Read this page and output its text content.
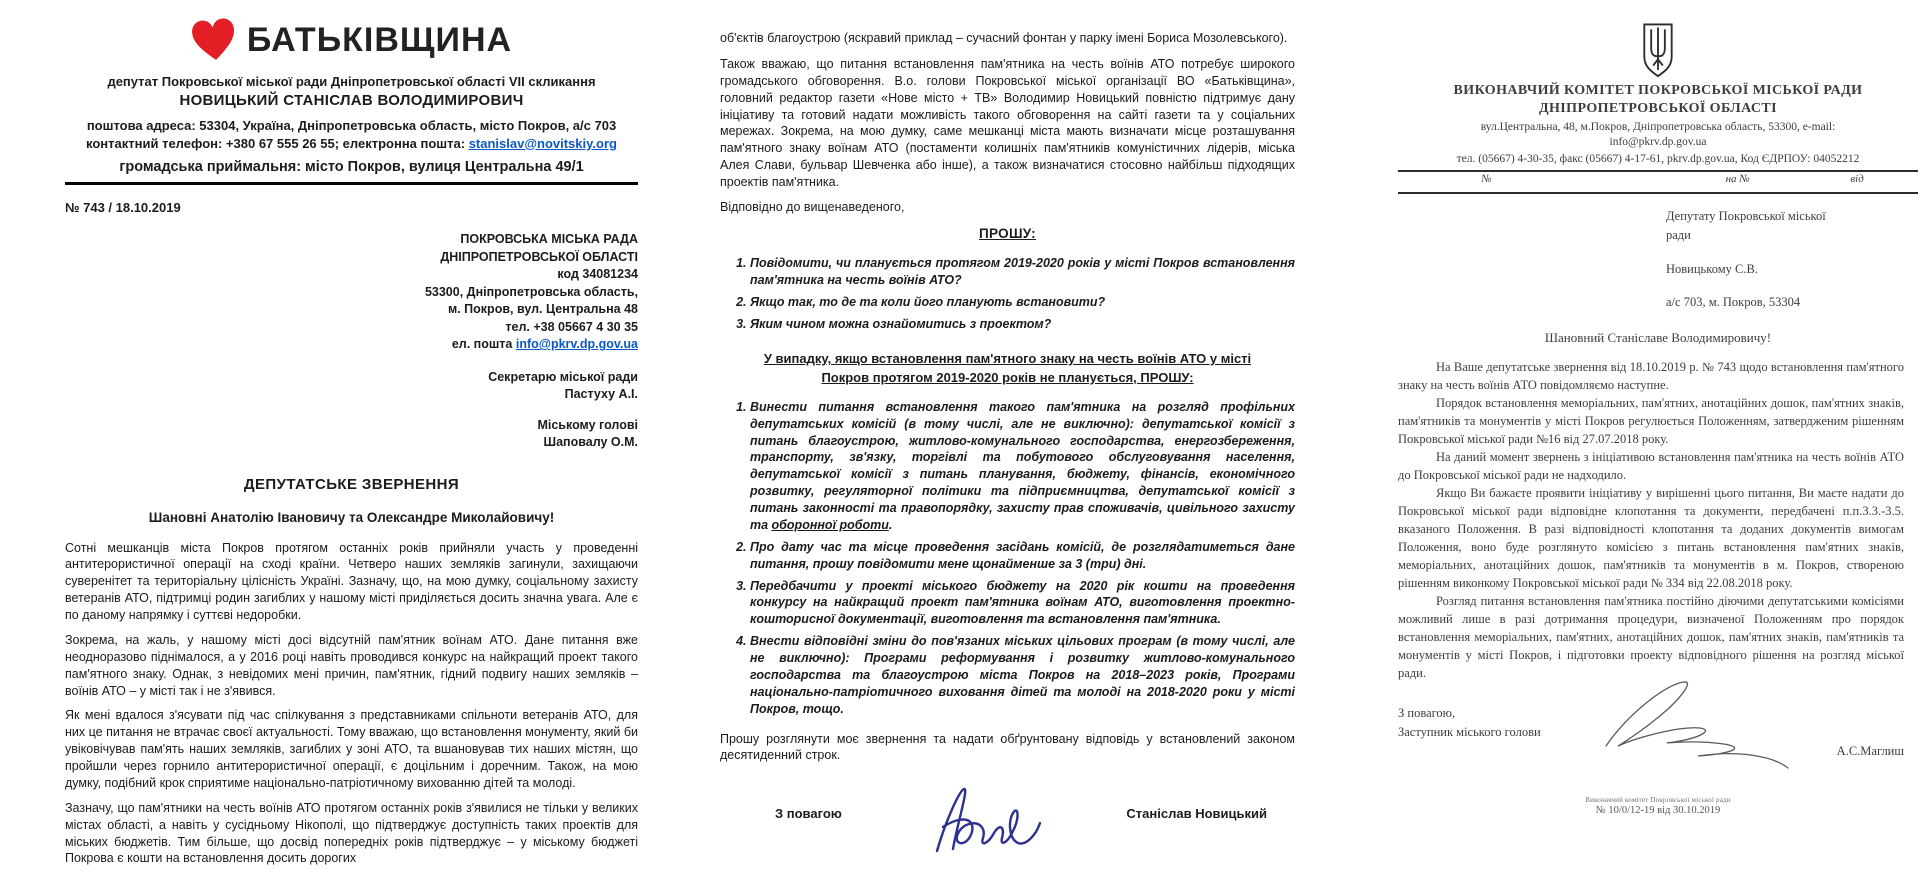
БАТЬКІВЩИНА
депутат Покровської міської ради Дніпропетровської області VII скликання
НОВИЦЬКИЙ СТАНІСЛАВ ВОЛОДИМИРОВИЧ
поштова адреса: 53304, Україна, Дніпропетровська область, місто Покров, а/с 703
контактний телефон: +380 67 555 26 55; електронна пошта: stanislav@novitskiy.org
громадська приймальня: місто Покров, вулиця Центральна 49/1
№ 743 / 18.10.2019
ПОКРОВСЬКА МІСЬКА РАДА
ДНІПРОПЕТРОВСЬКОЇ ОБЛАСТІ
код 34081234
53300, Дніпропетровська область,
м. Покров, вул. Центральна 48
тел. +38 05667 4 30 35
ел. пошта info@pkrv.dp.gov.ua
Секретарю міської ради
Пастуху А.І.
Міському голові
Шаповалу О.М.
ДЕПУТАТСЬКЕ ЗВЕРНЕННЯ
Шановні Анатолію Івановичу та Олександре Миколайовичу!

Сотні мешканців міста Покров протягом останніх років прийняли участь у проведенні антитерористичної операції на сході країни. Четверо наших земляків загинули, захищаючи суверенітет та територіальну цілісність Україні. Зазначу, що, на мою думку, соціальному захисту ветеранів АТО, підтримці родин загиблих у нашому місті приділяється досить значна увага. Але є по даному напрямку і суттєві недоробки.

Зокрема, на жаль, у нашому місті досі відсутній пам'ятник воїнам АТО. Дане питання вже неодноразово піднімалося, а у 2016 році навіть проводився конкурс на найкращий проект такого пам'ятного знаку. Однак, з невідомих мені причин, пам'ятник, гідний подвигу наших земляків – воїнів АТО – у місті так і не з'явився.

Як мені вдалося з'ясувати під час спілкування з представниками спільноти ветеранів АТО, для них це питання не втрачає своєї актуальності. Тому вважаю, що встановлення монументу, який би увіковічував пам'ять наших земляків, загиблих у зоні АТО, та вшановував тих наших містян, що пройшли через горнило антитерористичної операції, є доцільним і доречним. Також, на мою думку, подібний крок сприятиме національно-патріотичному вихованню дітей та молоді.

Зазначу, що пам'ятники на честь воїнів АТО протягом останніх років з'явилися не тільки у великих містах області, а навіть у сусідньому Нікополі, що підтверджує доступність таких проектів для міських бюджетів. Тим більше, що досвід попередніх років підтверджує – у міському бюджеті Покрова є кошти на встановлення досить дорогих

об'єктів благоустрою (яскравий приклад – сучасний фонтан у парку імені Бориса Мозолевського).

Також вважаю, що питання встановлення пам'ятника на честь воїнів АТО потребує широкого громадського обговорення. В.о. голови Покровської міської організації ВО «Батьківщина», головний редактор газети «Нове місто + ТВ» Володимир Новицький повністю підтримує дану ініціативу та готовий надати можливість такого обговорення на сайті газети та у соціальних мережах. Зокрема, на мою думку, саме мешканці міста мають визначати місце розташування пам'ятного знаку воїнам АТО (постаменти колишніх пам'ятників комуністичних лідерів, міська Алея Слави, бульвар Шевченка або інше), а також визначатися стосовно найбільш підходящих проектів пам'ятника.

Відповідно до вищенаведеного,

ПРОШУ:
1. Повідомити, чи планується протягом 2019-2020 років у місті Покров встановлення пам'ятника на честь воїнів АТО?
2. Якщо так, то де та коли його планують встановити?
3. Яким чином можна ознайомитись з проектом?
У випадку, якщо встановлення пам'ятного знаку на честь воїнів АТО у місті Покров протягом 2019-2020 років не планується, ПРОШУ:
1. Винести питання встановлення такого пам'ятника на розгляд профільних депутатських комісій (в тому числі, але не виключно): депутатської комісії з питань благоустрою, житлово-комунального господарства, енергозбереження, транспорту, зв'язку, торгівлі та побутового обслуговування населення, депутатської комісії з питань планування, бюджету, фінансів, економічного розвитку, регуляторної політики та підприємництва, депутатської комісії з питань законності та правопорядку, захисту прав споживачів, цивільного захисту та оборонної роботи.
2. Про дату час та місце проведення засідань комісій, де розглядатиметься дане питання, прошу повідомити мене щонайменше за 3 (три) дні.
3. Передбачити у проекті міського бюджету на 2020 рік кошти на проведення конкурсу на найкращий проект пам'ятника воїнам АТО, виготовлення проектно-кошторисної документації, виготовлення та встановлення пам'ятника.
4. Внести відповідні зміни до пов'язаних міських цільових програм (в тому числі, але не виключно): Програми реформування і розвитку житлово-комунального господарства та благоустрою міста Покров на 2018–2023 років, Програми національно-патріотичного виховання дітей та молоді на 2018-2020 роки у місті Покров, тощо.

Прошу розглянути моє звернення та надати обґрунтовану відповідь у встановлений законом десятиденний строк.

З повагою	Станіслав Новицький
ВИКОНАВЧИЙ КОМІТЕТ ПОКРОВСЬКОЇ МІСЬКОЇ РАДИ
ДНІПРОПЕТРОВСЬКОЇ ОБЛАСТІ
вул.Центральна, 48, м.Покров, Дніпропетровська область, 53300, e-mail:
info@pkrv.dp.gov.ua
тел. (05667) 4-30-35, факс (05667) 4-17-61, pkrv.dp.gov.ua, Код ЄДРПОУ: 04052212
№	на №	від
Депутату Покровської міської
ради
Новицькому С.В.
а/с 703, м. Покров, 53304
Шановний Станіславе Володимировичу!

На Ваше депутатське звернення від 18.10.2019 р. № 743 щодо встановлення пам'ятного знаку на честь воїнів АТО повідомляємо наступне.

Порядок встановлення меморіальних, пам'ятних, анотаційних дошок, пам'ятних знаків, пам'ятників та монументів у місті Покров регулюється Положенням, затвердженим рішенням Покровської міської ради №16 від 27.07.2018 року.

На даний момент звернень з ініціативою встановлення пам'ятника на честь воїнів АТО до Покровської міської ради не надходило.

Якщо Ви бажаєте проявити ініціативу у вирішенні цього питання, Ви маєте надати до Покровської міської ради відповідне клопотання та документи, передбачені п.п.3.3.-3.5. вказаного Положення. В разі відповідності клопотання та доданих документів вимогам Положення, воно буде розглянуто комісією з питань встановлення пам'ятних знаків, меморіальних, анотаційних дошок, пам'ятників та монументів в м. Покров, створеною рішенням виконкому Покровської міської ради № 334 від 22.08.2018 року.

Розгляд питання встановлення пам'ятника постійно діючими депутатськими комісіями можливий лише в разі дотримання процедури, визначеної Положенням про порядок встановлення меморіальних, пам'ятних, анотаційних дошок, пам'ятних знаків, пам'ятників та монументів у місті Покров, і підготовки проекту відповідного рішення на розгляд міської ради.

З повагою,
Заступник міського голови
А.С.Маглиш
Виконавчий комітет Покровської міської ради
№ 10/0/12-19 від 30.10.2019
